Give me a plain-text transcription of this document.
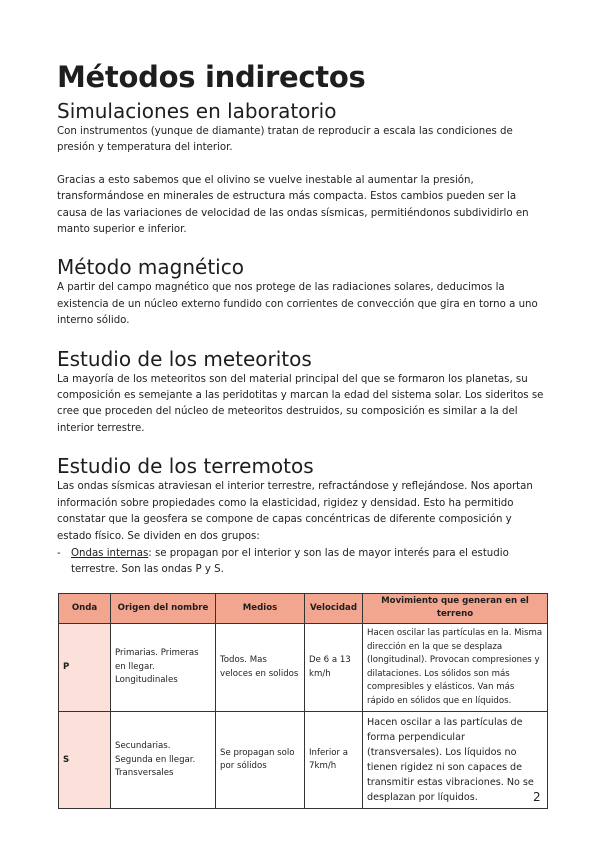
Métodos indirectos
Simulaciones en laboratorio

Con instrumentos (yunque de diamante) tratan de reproducir a escala las condiciones de presión y temperatura del interior.

Gracias a esto sabemos que el olivino se vuelve inestable al aumentar la presión, transformándose en minerales de estructura más compacta. Estos cambios pueden ser la causa de las variaciones de velocidad de las ondas sísmicas, permitiéndonos subdividirlo en manto superior e inferior.

Método magnético

A partir del campo magnético que nos protege de las radiaciones solares, deducimos la existencia de un núcleo externo fundido con corrientes de convección que gira en torno a uno interno sólido.

Estudio de los meteoritos

La mayoría de los meteoritos son del material principal del que se formaron los planetas, su composición es semejante a las peridotitas y marcan la edad del sistema solar. Los sideritos se cree que proceden del núcleo de meteoritos destruidos, su composición es similar a la del interior terrestre.

Estudio de los terremotos

Las ondas sísmicas atraviesan el interior terrestre, refractándose y reflejándose. Nos aportan información sobre propiedades como la elasticidad, rigidez y densidad. Esto ha permitido constatar que la geosfera se compone de capas concéntricas de diferente composición y estado físico. Se dividen en dos grupos:

- Ondas internas: se propagan por el interior y son las de mayor interés para el estudio terrestre. Son las ondas P y S.

Onda	Origen del nombre	Medios	Velocidad	Movimiento que generan en el terreno
P	Primarias. Primeras en llegar. Longitudinales	Todos. Mas veloces en solidos	De 6 a 13 km/h	Hacen oscilar las partículas en la. Misma dirección en la que se desplaza (longitudinal). Provocan compresiones y dilataciones. Los sólidos son más compresibles y elásticos. Van más rápido en sólidos que en líquidos.
S	Secundarias. Segunda en llegar. Transversales	Se propagan solo por sólidos	Inferior a 7km/h	Hacen oscilar a las partículas de forma perpendicular (transversales). Los líquidos no tienen rigidez ni son capaces de transmitir estas vibraciones. No se desplazan por líquidos.	2
